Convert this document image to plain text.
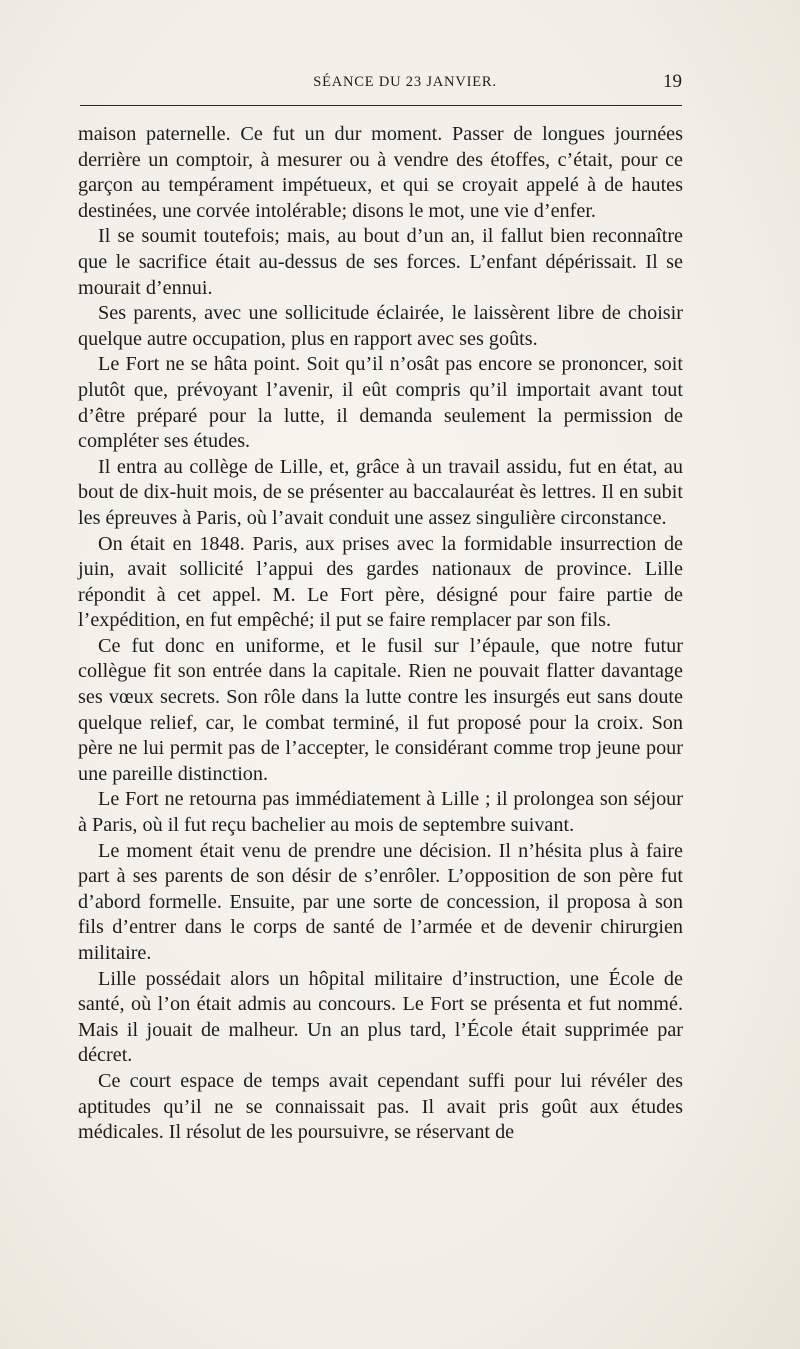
SÉANCE DU 23 JANVIER.	19

maison paternelle. Ce fut un dur moment. Passer de longues journées derrière un comptoir, à mesurer ou à vendre des étoffes, c’était, pour ce garçon au tempérament impétueux, et qui se croyait appelé à de hautes destinées, une corvée intolérable; disons le mot, une vie d’enfer.

Il se soumit toutefois; mais, au bout d’un an, il fallut bien reconnaître que le sacrifice était au-dessus de ses forces. L’enfant dépérissait. Il se mourait d’ennui.

Ses parents, avec une sollicitude éclairée, le laissèrent libre de choisir quelque autre occupation, plus en rapport avec ses goûts.

Le Fort ne se hâta point. Soit qu’il n’osât pas encore se prononcer, soit plutôt que, prévoyant l’avenir, il eût compris qu’il importait avant tout d’être préparé pour la lutte, il demanda seulement la permission de compléter ses études.

Il entra au collège de Lille, et, grâce à un travail assidu, fut en état, au bout de dix-huit mois, de se présenter au baccalauréat ès lettres. Il en subit les épreuves à Paris, où l’avait conduit une assez singulière circonstance.

On était en 1848. Paris, aux prises avec la formidable insurrection de juin, avait sollicité l’appui des gardes nationaux de province. Lille répondit à cet appel. M. Le Fort père, désigné pour faire partie de l’expédition, en fut empêché; il put se faire remplacer par son fils.

Ce fut donc en uniforme, et le fusil sur l’épaule, que notre futur collègue fit son entrée dans la capitale. Rien ne pouvait flatter davantage ses vœux secrets. Son rôle dans la lutte contre les insurgés eut sans doute quelque relief, car, le combat terminé, il fut proposé pour la croix. Son père ne lui permit pas de l’accepter, le considérant comme trop jeune pour une pareille distinction.

Le Fort ne retourna pas immédiatement à Lille ; il prolongea son séjour à Paris, où il fut reçu bachelier au mois de septembre suivant.

Le moment était venu de prendre une décision. Il n’hésita plus à faire part à ses parents de son désir de s’enrôler. L’opposition de son père fut d’abord formelle. Ensuite, par une sorte de concession, il proposa à son fils d’entrer dans le corps de santé de l’armée et de devenir chirurgien militaire.

Lille possédait alors un hôpital militaire d’instruction, une École de santé, où l’on était admis au concours. Le Fort se présenta et fut nommé. Mais il jouait de malheur. Un an plus tard, l’École était supprimée par décret.

Ce court espace de temps avait cependant suffi pour lui révéler des aptitudes qu’il ne se connaissait pas. Il avait pris goût aux études médicales. Il résolut de les poursuivre, se réservant de
